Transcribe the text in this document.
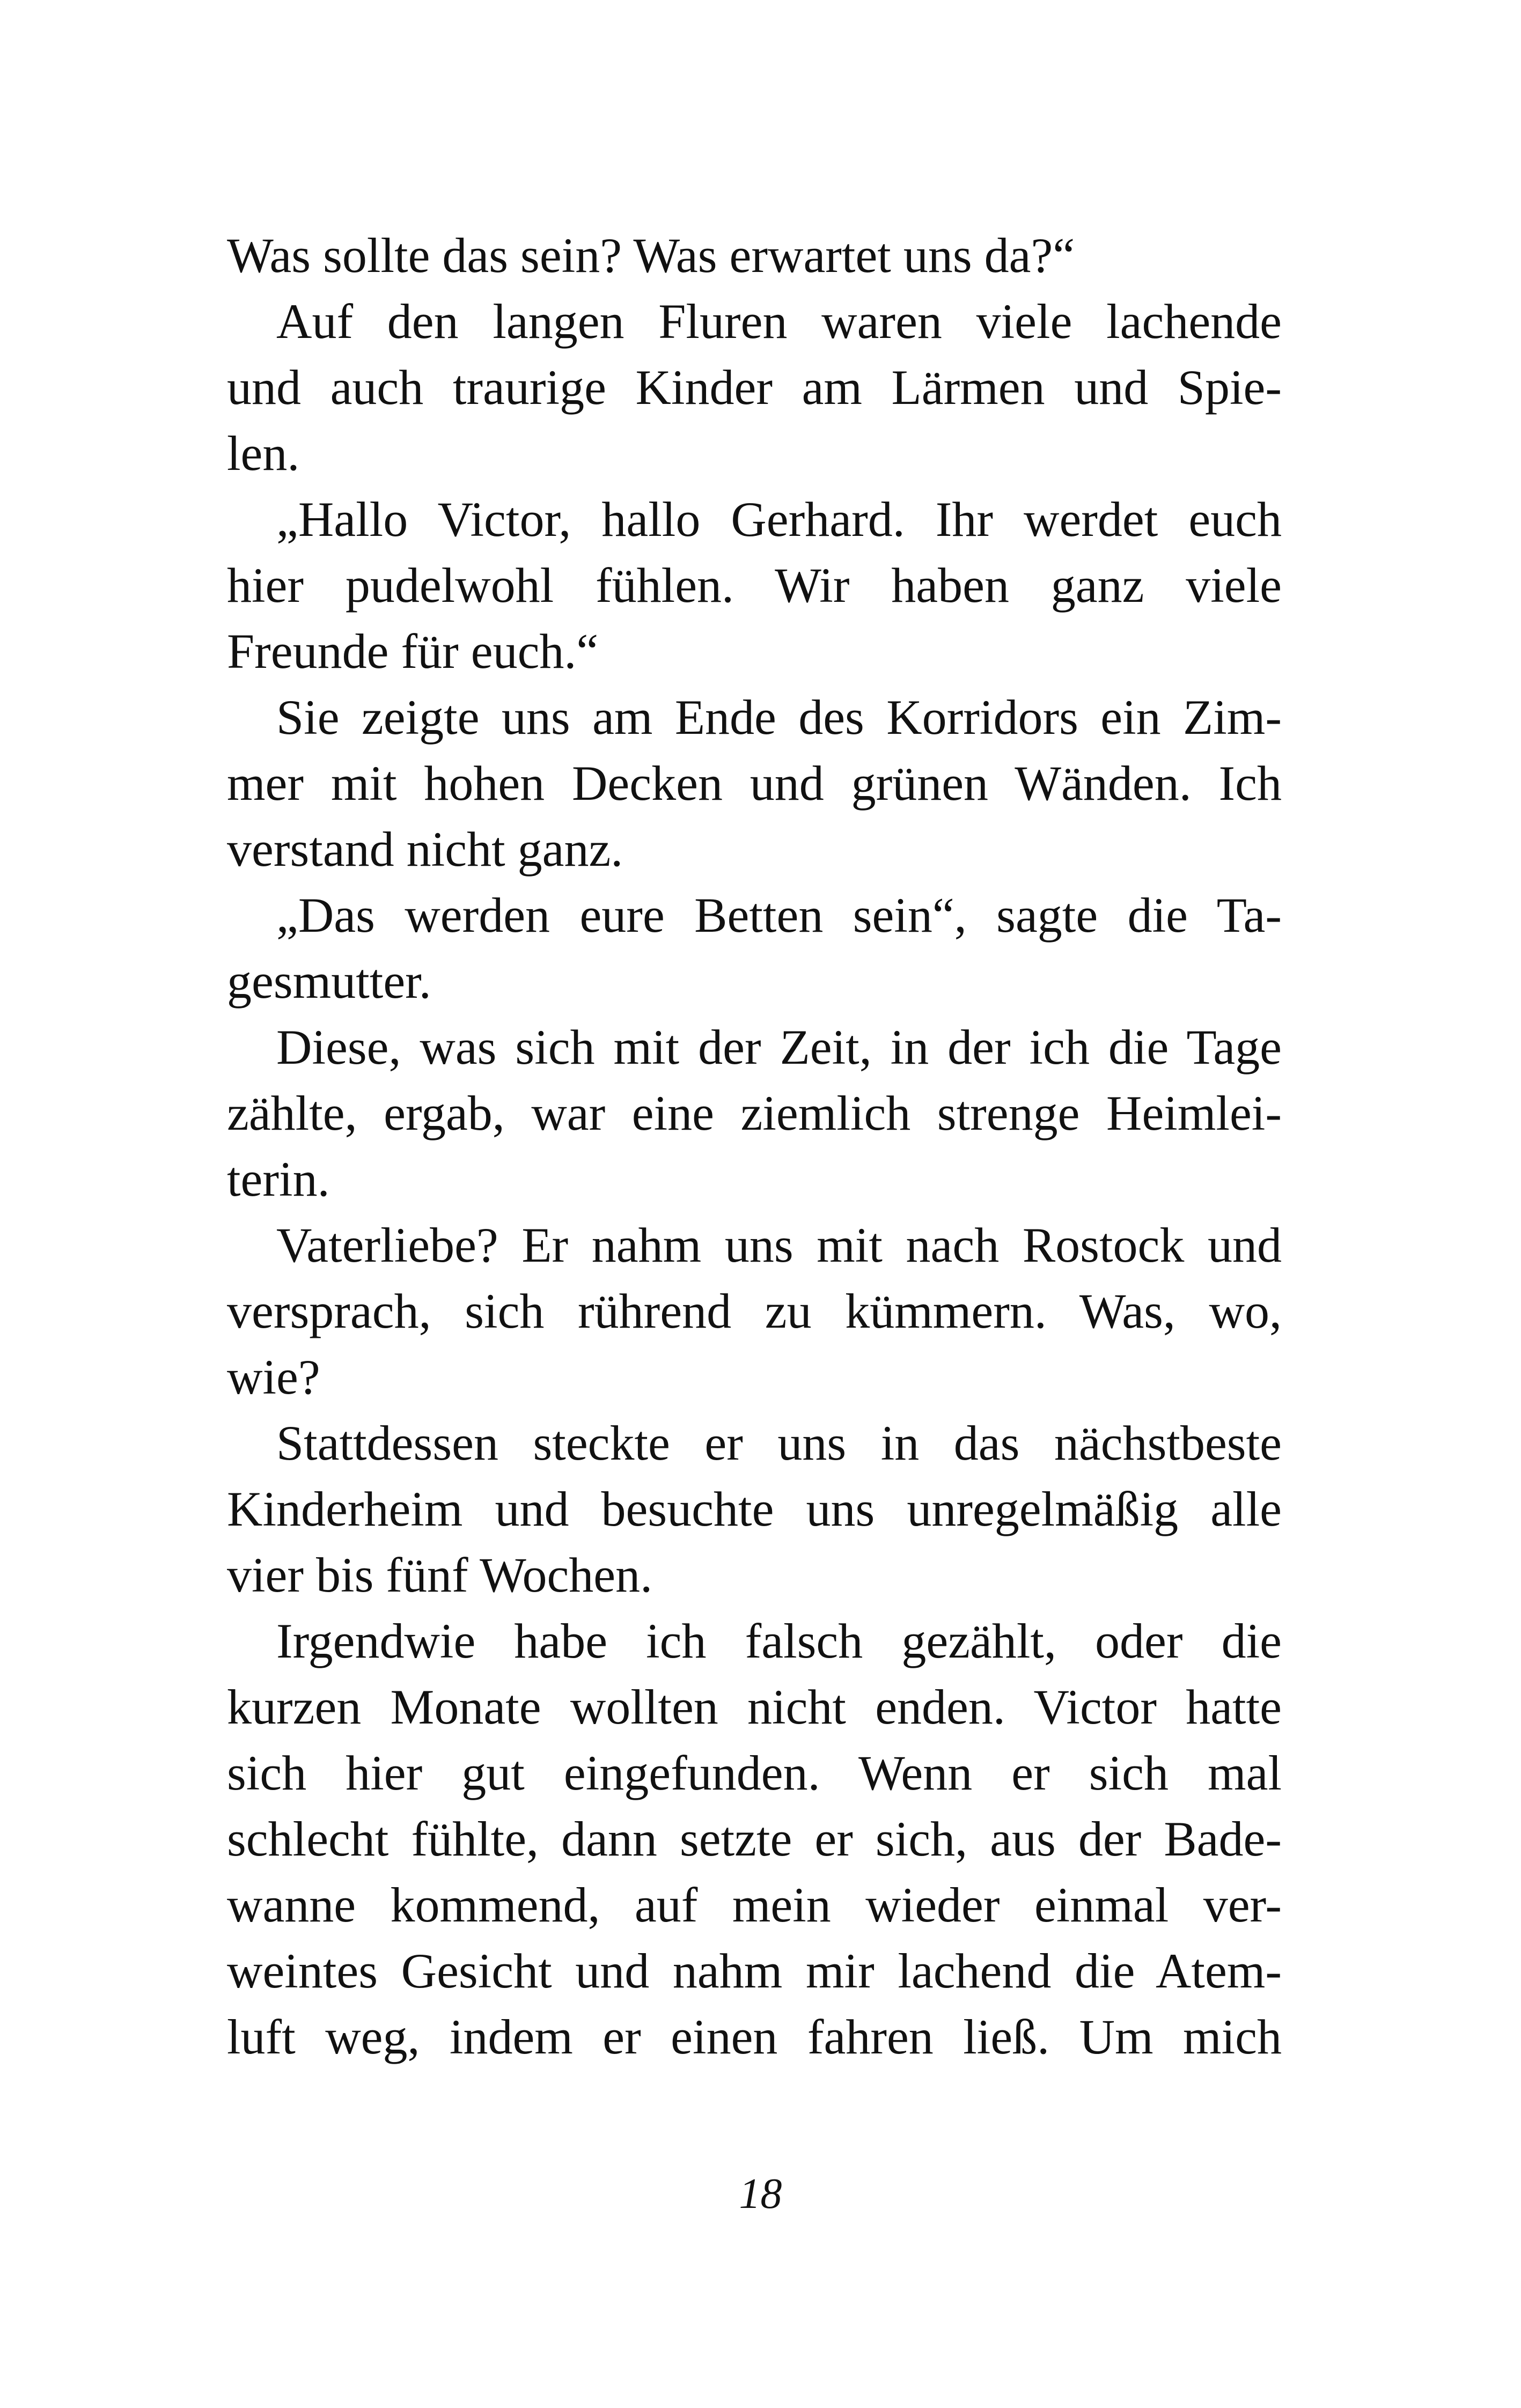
Was sollte das sein? Was erwartet uns da?“
Auf den langen Fluren waren viele lachende
und auch traurige Kinder am Lärmen und Spie-
len.
„Hallo Victor, hallo Gerhard. Ihr werdet euch
hier pudelwohl fühlen. Wir haben ganz viele
Freunde für euch.“
Sie zeigte uns am Ende des Korridors ein Zim-
mer mit hohen Decken und grünen Wänden. Ich
verstand nicht ganz.
„Das werden eure Betten sein“, sagte die Ta-
gesmutter.
Diese, was sich mit der Zeit, in der ich die Tage
zählte, ergab, war eine ziemlich strenge Heimlei-
terin.
Vaterliebe? Er nahm uns mit nach Rostock und
versprach, sich rührend zu kümmern. Was, wo,
wie?
Stattdessen steckte er uns in das nächstbeste
Kinderheim und besuchte uns unregelmäßig alle
vier bis fünf Wochen.
Irgendwie habe ich falsch gezählt, oder die
kurzen Monate wollten nicht enden. Victor hatte
sich hier gut eingefunden. Wenn er sich mal
schlecht fühlte, dann setzte er sich, aus der Bade-
wanne kommend, auf mein wieder einmal ver-
weintes Gesicht und nahm mir lachend die Atem-
luft weg, indem er einen fahren ließ. Um mich
18
